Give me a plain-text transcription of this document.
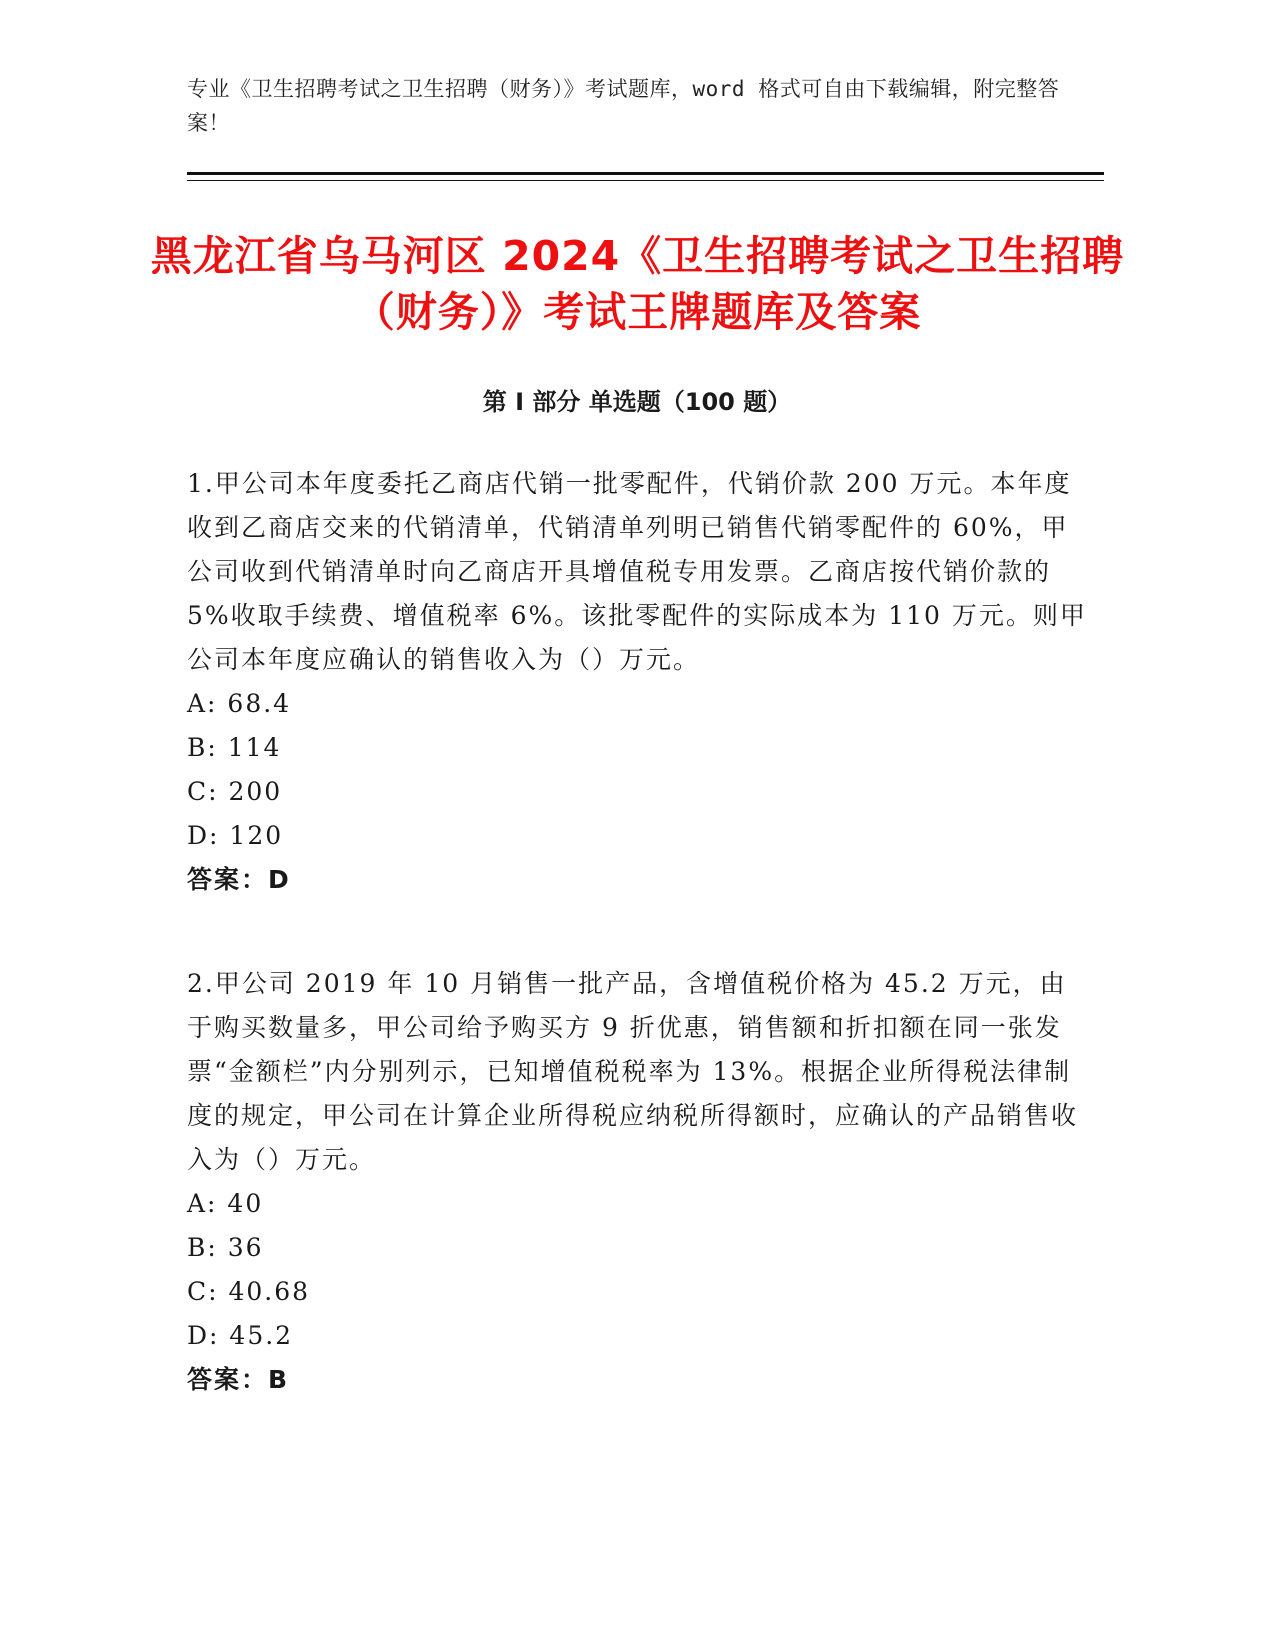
专业《卫生招聘考试之卫生招聘（财务）》考试题库，word 格式可自由下载编辑，附完整答案！
黑龙江省乌马河区 2024《卫生招聘考试之卫生招聘（财务）》考试王牌题库及答案
第 I 部分 单选题（100 题）

1.甲公司本年度委托乙商店代销一批零配件，代销价款 200 万元。本年度收到乙商店交来的代销清单，代销清单列明已销售代销零配件的 60%，甲公司收到代销清单时向乙商店开具增值税专用发票。乙商店按代销价款的 5%收取手续费、增值税率 6%。该批零配件的实际成本为 110 万元。则甲公司本年度应确认的销售收入为（）万元。

A: 68.4

B: 114

C: 200

D: 120

答案：D

2.甲公司 2019 年 10 月销售一批产品，含增值税价格为 45.2 万元，由于购买数量多，甲公司给予购买方 9 折优惠，销售额和折扣额在同一张发票“金额栏”内分别列示，已知增值税税率为 13%。根据企业所得税法律制度的规定，甲公司在计算企业所得税应纳税所得额时，应确认的产品销售收入为（）万元。

A: 40

B: 36

C: 40.68

D: 45.2

答案：B
